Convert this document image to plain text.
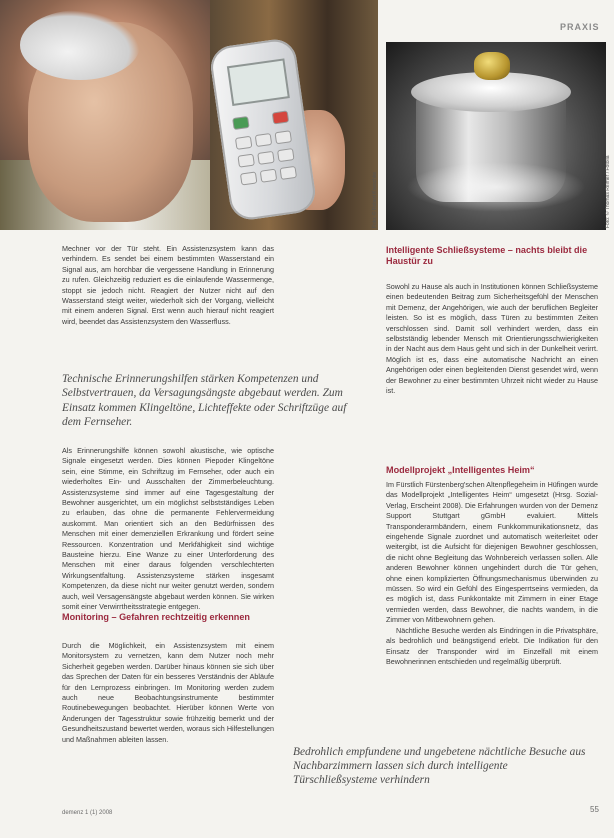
Foto: © Robert Kneschke	Foto: © Thomas Reimer / Fotolia
PRAXIS

Mechner vor der Tür steht. Ein Assistenzsystem kann das verhindern. Es sendet bei einem bestimmten Wasserstand ein Signal aus, am horchbar die vergessene Handlung in Erinnerung zu rufen. Gleichzeitig reduziert es die einlaufende Wassermenge, stoppt sie jedoch nicht. Reagiert der Nutzer nicht auf den Wasserstand steigt weiter, wiederholt sich der Vorgang, vielleicht mit einem anderen Signal. Erst wenn auch hierauf nicht reagiert wird, beendet das Assistenzsystem den Wasserfluss.

Technische Erinnerungshilfen stärken Kompetenzen und Selbstvertrauen, da Versagungsängste abgebaut werden. Zum Einsatz kommen Klingeltöne, Lichteffekte oder Schriftzüge auf dem Fernseher.

Als Erinnerungshilfe können sowohl akustische, wie optische Signale eingesetzt werden. Dies können Piepoder Klingeltöne sein, eine Stimme, ein Schriftzug im Fernseher, oder auch ein wiederholtes Ein- und Ausschalten der Zimmerbeleuchtung. Assistenzsysteme sind immer auf eine Tagesgestaltung der Bewohner ausgerichtet, um ein möglichst selbstständiges Leben zu erlauben, das ohne die permanente Fehlervermeidung auskommt. Man orientiert sich an den Bedürfnissen des Menschen mit einer demenziellen Erkrankung und fördert seine Ressourcen. Konzentration und Merkfähigkeit sind wichtige Bausteine hierzu. Eine Wanze zu einer Unterforderung des Menschen mit einer daraus folgenden verschlechterten Wirkungsentfaltung. Assistenzsysteme stärken insgesamt Kompetenzen, da diese nicht nur weiter genutzt werden, sondern auch, weil Versagensängste abgebaut werden können. Sie wirken somit einer Verwirrtheitsstrategie entgegen.

Monitoring – Gefahren rechtzeitig erkennen

Durch die Möglichkeit, ein Assistenzsystem mit einem Monitorsystem zu vernetzen, kann dem Nutzer noch mehr Sicherheit gegeben werden. Darüber hinaus können sie sich über das Sprechen der Daten für ein besseres Verständnis der Abläufe für den Lernprozess einbringen. Im Monitoring werden zudem auch neue Beobachtungsinstrumente bestimmter Routinebewegungen beobachtet. Hierüber können Werte von Änderungen der Tagesstruktur sowie frühzeitig bemerkt und der Gesundheitszustand bewertet werden, woraus sich Hilfestellungen und Maßnahmen ableiten lassen.

Intelligente Schließsysteme – nachts bleibt die Haustür zu

Sowohl zu Hause als auch in Institutionen können Schließsysteme einen bedeutenden Beitrag zum Sicherheitsgefühl der Menschen mit Demenz, der Angehörigen, wie auch der beruflichen Begleiter leisten. So ist es möglich, dass Türen zu bestimmten Zeiten verschlossen sind. Damit soll verhindert werden, dass ein selbstständig lebender Mensch mit Orientierungsschwierigkeiten in der Nacht aus dem Haus geht und sich in der Dunkelheit verirrt. Möglich ist es, dass eine automatische Nachricht an einen Angehörigen oder einen begleitenden Dienst gesendet wird, wenn der Bewohner zu einer bestimmten Uhrzeit nicht wieder zu Hause ist.

Modellprojekt „Intelligentes Heim“

Im Fürstlich Fürstenberg'schen Altenpflegeheim in Hüfingen wurde das Modellprojekt „Intelligentes Heim“ umgesetzt (Hrsg. Sozial-Verlag, Erscheint 2008). Die Erfahrungen wurden von der Demenz Support Stuttgart gGmbH evaluiert. Mittels Transponderarmbändern, einem Funkkommunikationsnetz, das eingehende Signale zuordnet und automatisch weiterleitet oder weitergibt, ist die Aufsicht für diejenigen Bewohner geschlossen, die nicht ohne Begleitung das Wohnbereich verlassen sollen. Alle anderen Bewohner können ungehindert durch die Tür gehen, ohne einen komplizierten Öffnungsmechanismus überwinden zu müssen. So wird ein Gefühl des Eingesperrtseins vermieden, da es möglich ist, dass Funkkontakte mit Zimmern in einer Etage vermieden werden, dass Bewohner, die nachts wandern, in die Zimmer von Mitbewohnern gehen.

Nächtliche Besuche werden als Eindringen in die Privatsphäre, als bedrohlich und beängstigend erlebt. Die Indikation für den Einsatz der Transponder wird im Einzelfall mit einem Bewohnerinnen entschieden und regelmäßig überprüft.

Bedrohlich empfundene und ungebetene nächtliche Besuche aus Nachbarzimmern lassen sich durch intelligente Türschließsysteme verhindern
demenz 1 (1) 2008	55
